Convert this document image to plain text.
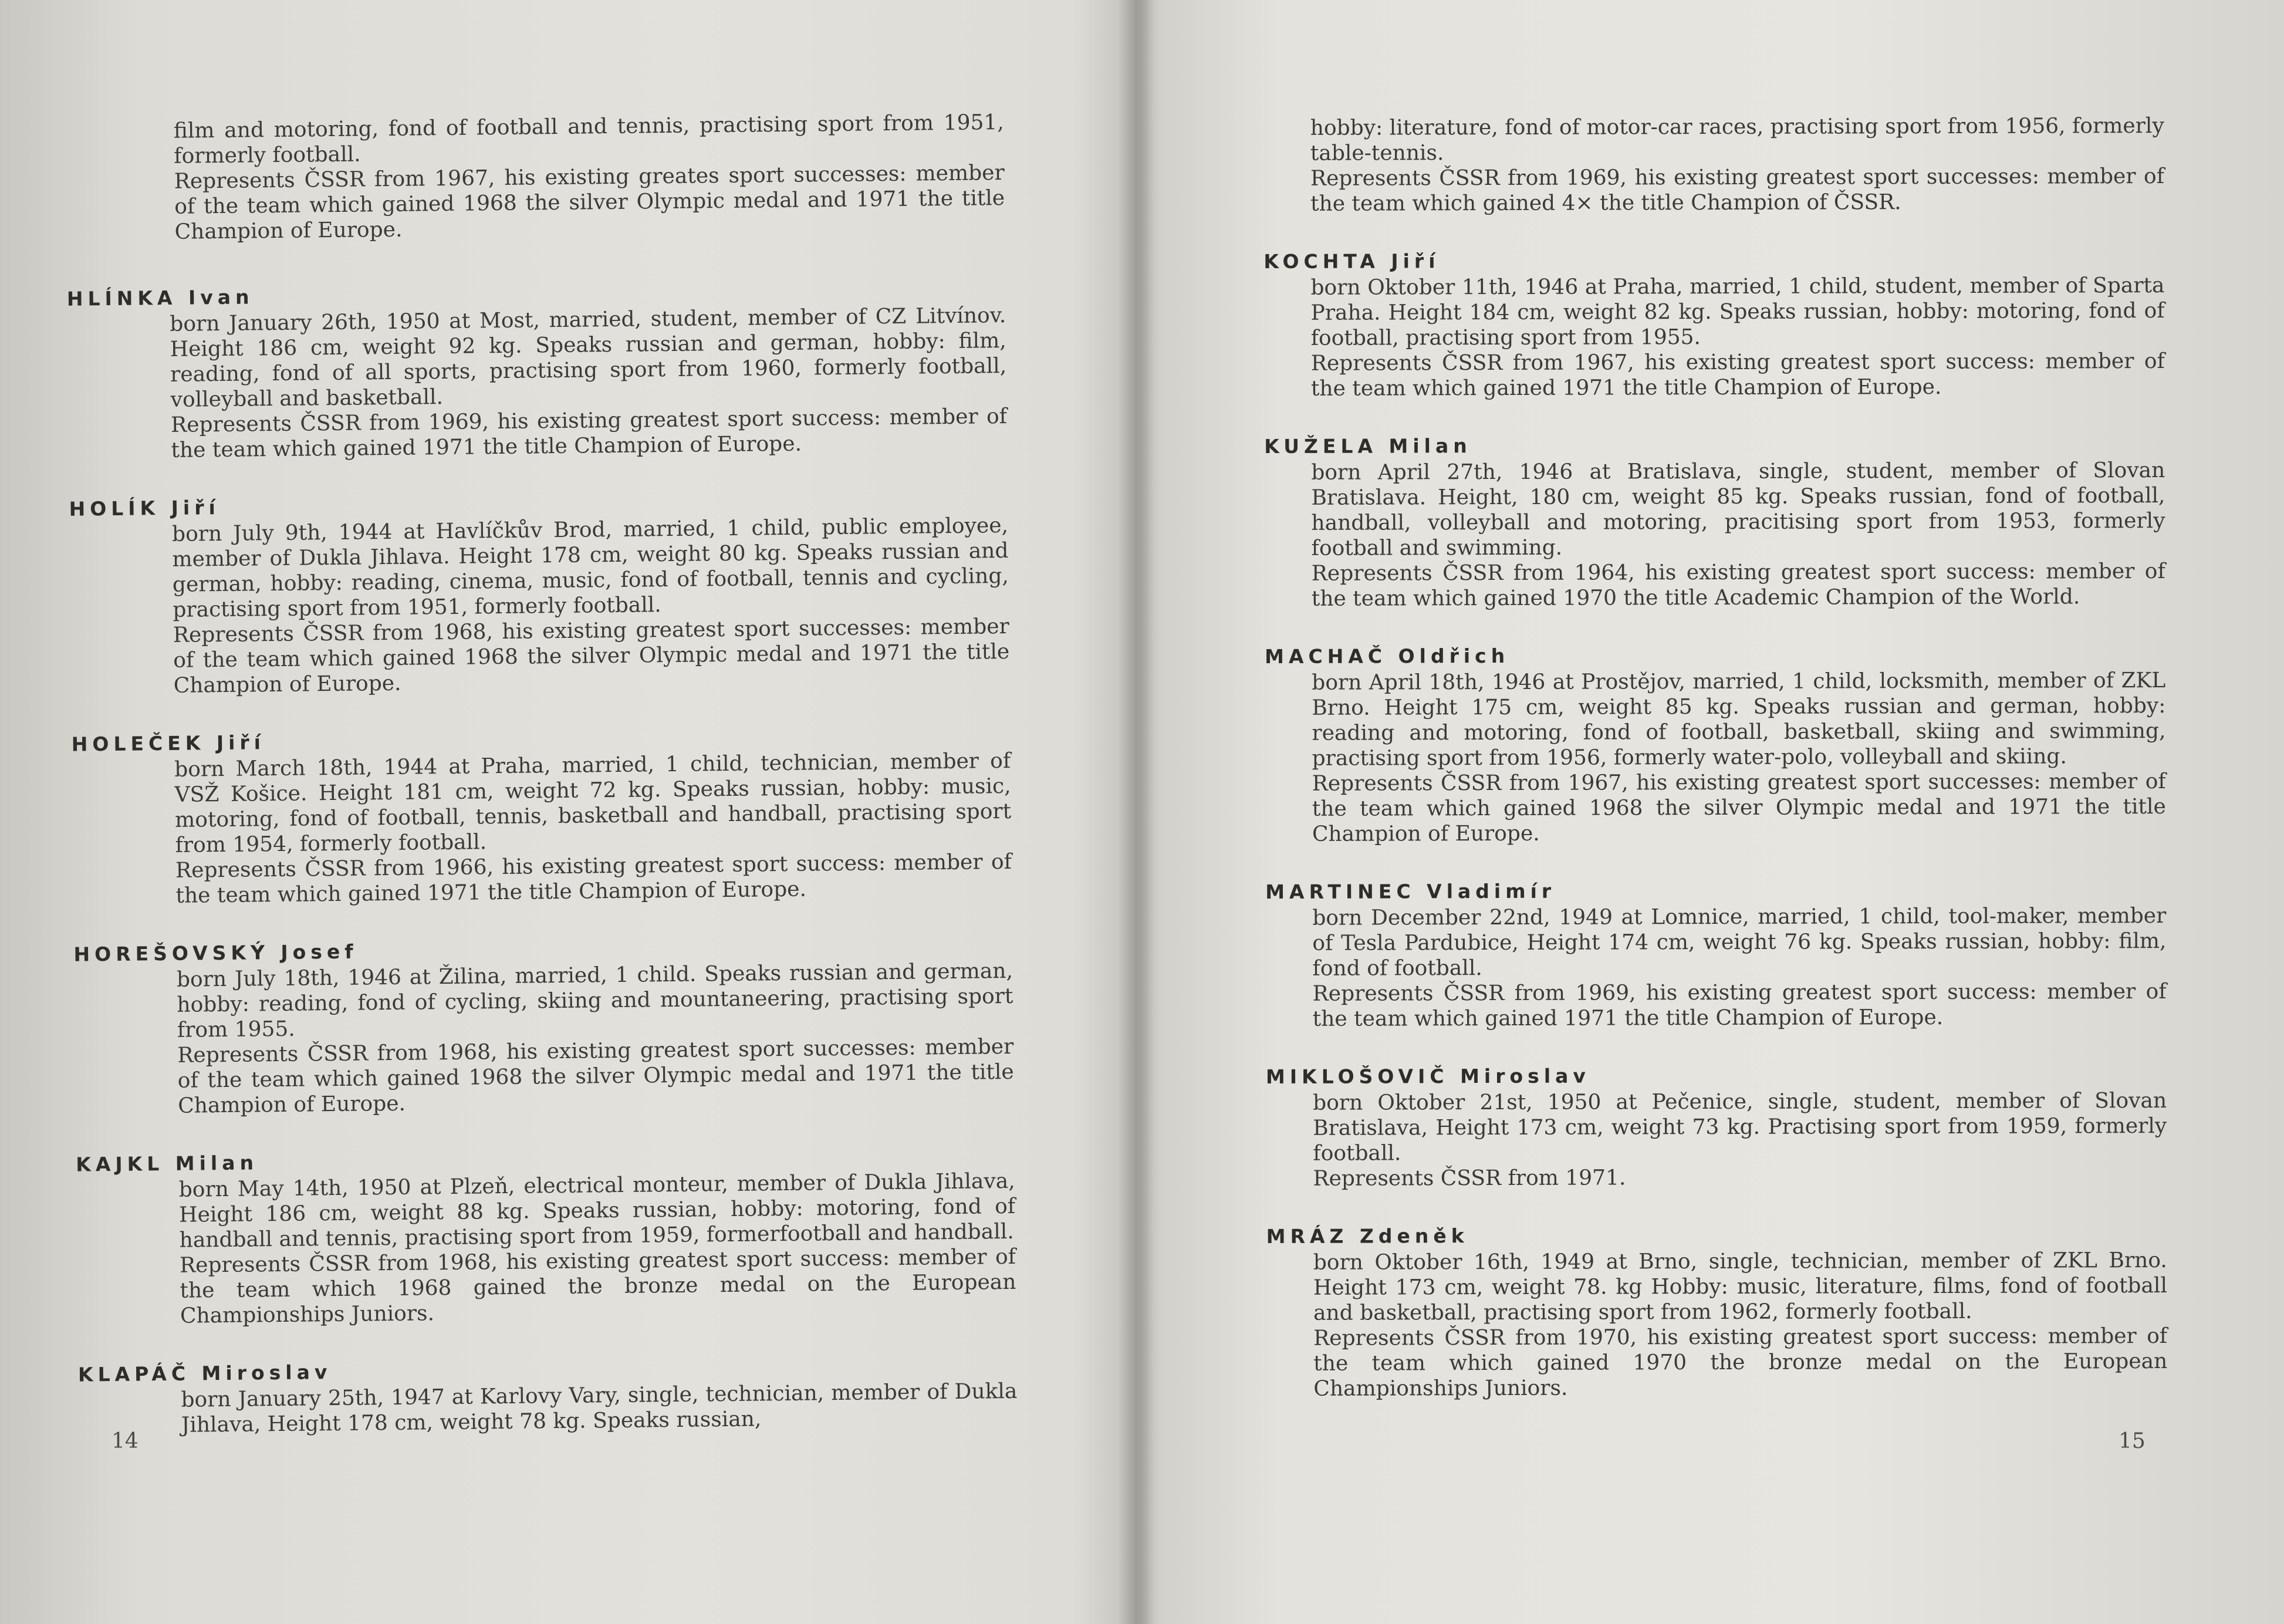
film and motoring, fond of football and tennis, practising sport from 1951, formerly football.

Represents ČSSR from 1967, his existing greates sport successes: member of the team which gained 1968 the silver Olympic medal and 1971 the title Champion of Europe.

HLÍNKA Ivan

born January 26th, 1950 at Most, married, student, member of CZ Litvínov. Height 186 cm, weight 92 kg. Speaks russian and german, hobby: film, reading, fond of all sports, practising sport from 1960, formerly football, volleyball and basketball.

Represents ČSSR from 1969, his existing greatest sport success: member of the team which gained 1971 the title Champion of Europe.

HOLÍK Jiří

born July 9th, 1944 at Havlíčkův Brod, married, 1 child, public employee, member of Dukla Jihlava. Height 178 cm, weight 80 kg. Speaks russian and german, hobby: reading, cinema, music, fond of football, tennis and cycling, practising sport from 1951, formerly football.

Represents ČSSR from 1968, his existing greatest sport successes: member of the team which gained 1968 the silver Olympic medal and 1971 the title Champion of Europe.

HOLEČEK Jiří

born March 18th, 1944 at Praha, married, 1 child, technician, member of VSŽ Košice. Height 181 cm, weight 72 kg. Speaks russian, hobby: music, motoring, fond of football, tennis, basketball and handball, practising sport from 1954, formerly football.

Represents ČSSR from 1966, his existing greatest sport success: member of the team which gained 1971 the title Champion of Europe.

HOREŠOVSKÝ Josef

born July 18th, 1946 at Žilina, married, 1 child. Speaks russian and german, hobby: reading, fond of cycling, skiing and mountaneering, practising sport from 1955.

Represents ČSSR from 1968, his existing greatest sport successes: member of the team which gained 1968 the silver Olympic medal and 1971 the title Champion of Europe.

KAJKL Milan

born May 14th, 1950 at Plzeň, electrical monteur, member of Dukla Jihlava, Height 186 cm, weight 88 kg. Speaks russian, hobby: motoring, fond of handball and tennis, practising sport from 1959, formerfootball and handball.

Represents ČSSR from 1968, his existing greatest sport success: member of the team which 1968 gained the bronze medal on the European Championships Juniors.

KLAPÁČ Miroslav

born January 25th, 1947 at Karlovy Vary, single, technician, member of Dukla Jihlava, Height 178 cm, weight 78 kg. Speaks russian,

14

hobby: literature, fond of motor-car races, practising sport from 1956, formerly table-tennis.

Represents ČSSR from 1969, his existing greatest sport successes: member of the team which gained 4× the title Champion of ČSSR.

KOCHTA Jiří

born Oktober 11th, 1946 at Praha, married, 1 child, student, member of Sparta Praha. Height 184 cm, weight 82 kg. Speaks russian, hobby: motoring, fond of football, practising sport from 1955.

Represents ČSSR from 1967, his existing greatest sport success: member of the team which gained 1971 the title Champion of Europe.

KUŽELA Milan

born April 27th, 1946 at Bratislava, single, student, member of Slovan Bratislava. Height, 180 cm, weight 85 kg. Speaks russian, fond of football, handball, volleyball and motoring, pracitising sport from 1953, formerly football and swimming.

Represents ČSSR from 1964, his existing greatest sport success: member of the team which gained 1970 the title Academic Champion of the World.

MACHAČ Oldřich

born April 18th, 1946 at Prostějov, married, 1 child, locksmith, member of ZKL Brno. Height 175 cm, weight 85 kg. Speaks russian and german, hobby: reading and motoring, fond of football, basketball, skiing and swimming, practising sport from 1956, formerly water-polo, volleyball and skiing.

Represents ČSSR from 1967, his existing greatest sport successes: member of the team which gained 1968 the silver Olympic medal and 1971 the title Champion of Europe.

MARTINEC Vladimír

born December 22nd, 1949 at Lomnice, married, 1 child, tool-maker, member of Tesla Pardubice, Height 174 cm, weight 76 kg. Speaks russian, hobby: film, fond of football.

Represents ČSSR from 1969, his existing greatest sport success: member of the team which gained 1971 the title Champion of Europe.

MIKLOŠOVIČ Miroslav

born Oktober 21st, 1950 at Pečenice, single, student, member of Slovan Bratislava, Height 173 cm, weight 73 kg. Practising sport from 1959, formerly football.

Represents ČSSR from 1971.

MRÁZ Zdeněk

born Oktober 16th, 1949 at Brno, single, technician, member of ZKL Brno. Height 173 cm, weight 78. kg Hobby: music, literature, films, fond of football and basketball, practising sport from 1962, formerly football.

Represents ČSSR from 1970, his existing greatest sport success: member of the team which gained 1970 the bronze medal on the European Championships Juniors.

15
